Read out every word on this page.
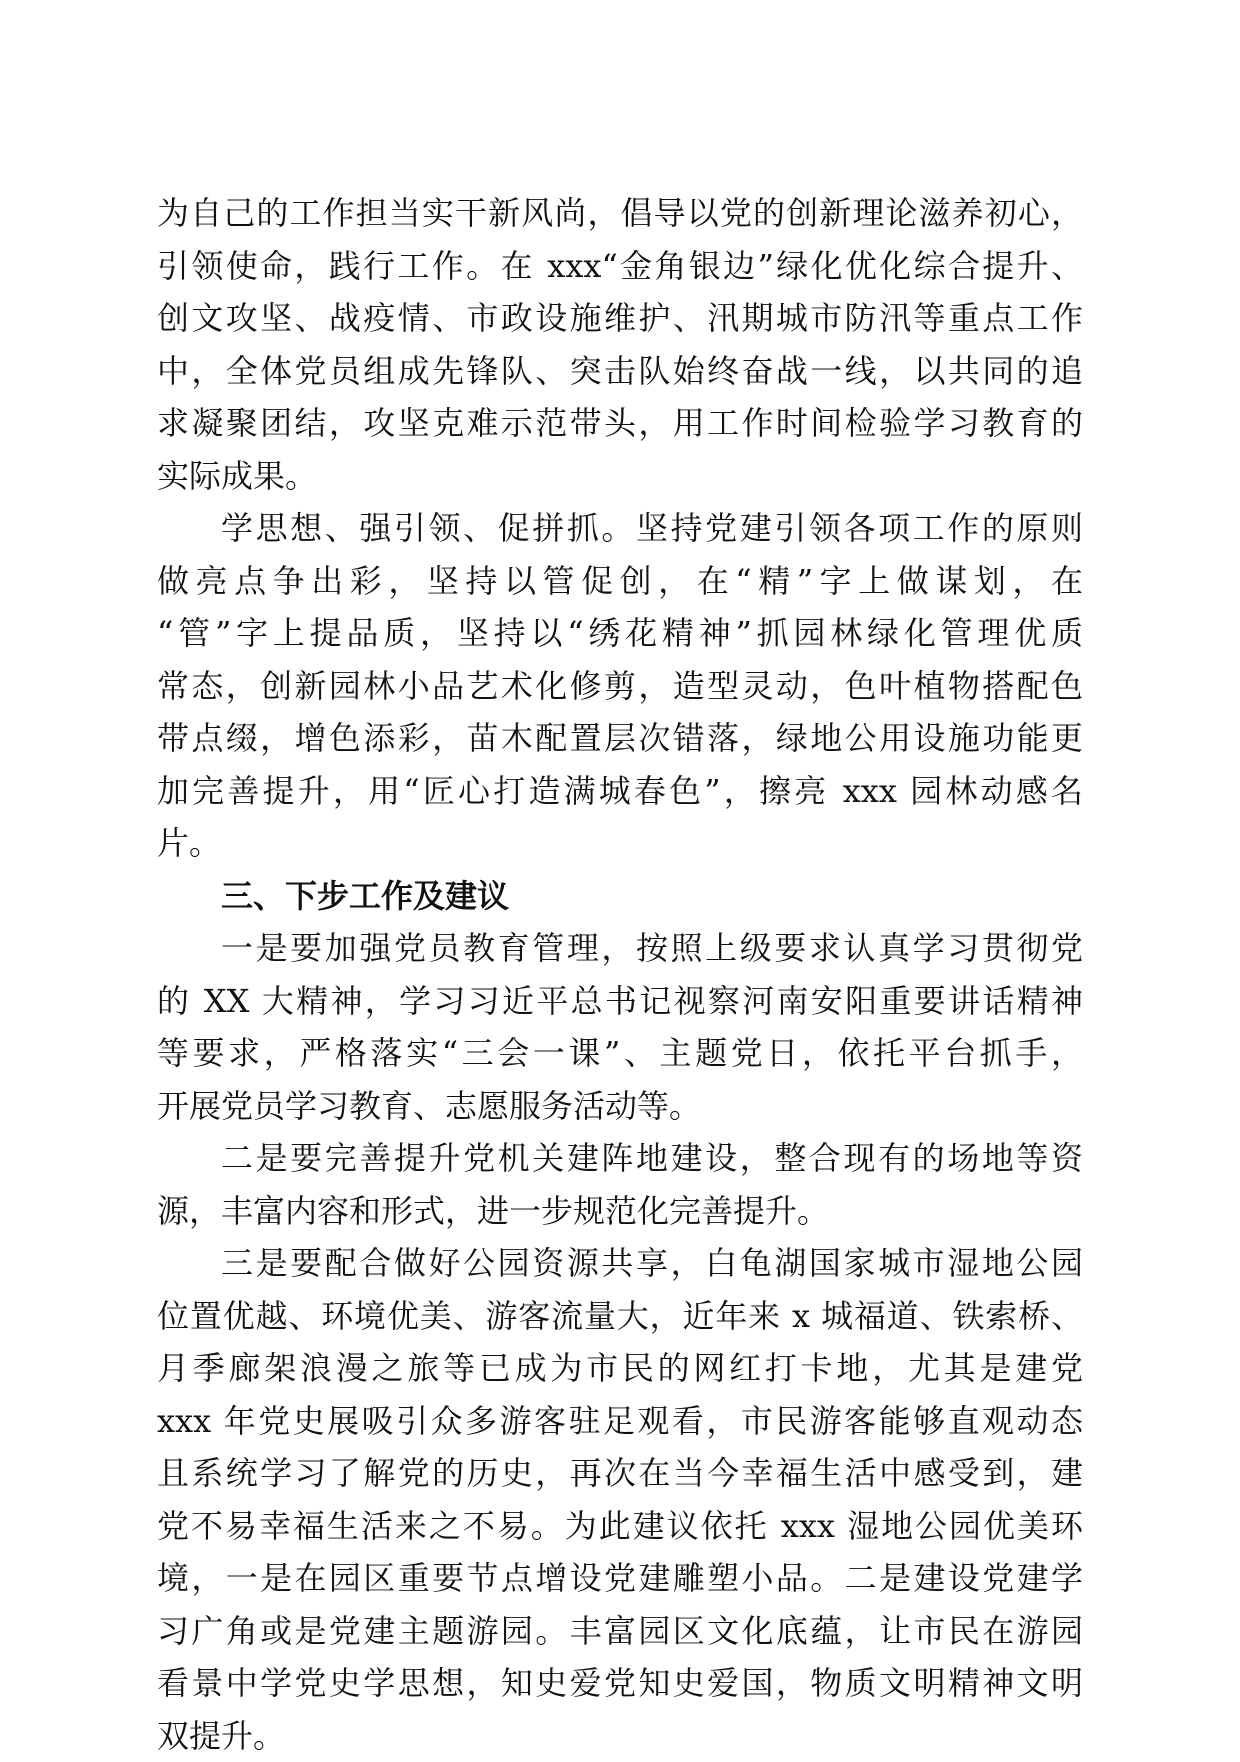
为自己的工作担当实干新风尚，倡导以党的创新理论滋养初心，
引领使命，践行工作。在 xxx“金角银边”绿化优化综合提升、
创文攻坚、战疫情、市政设施维护、汛期城市防汛等重点工作
中，全体党员组成先锋队、突击队始终奋战一线，以共同的追
求凝聚团结，攻坚克难示范带头，用工作时间检验学习教育的
实际成果。
学思想、强引领、促拼抓。坚持党建引领各项工作的原则
做亮点争出彩，坚持以管促创，在“精”字上做谋划，在
“管”字上提品质，坚持以“绣花精神”抓园林绿化管理优质
常态，创新园林小品艺术化修剪，造型灵动，色叶植物搭配色
带点缀，增色添彩，苗木配置层次错落，绿地公用设施功能更
加完善提升，用“匠心打造满城春色”，擦亮 xxx 园林动感名
片。
三、下步工作及建议
一是要加强党员教育管理，按照上级要求认真学习贯彻党
的 XX 大精神，学习习近平总书记视察河南安阳重要讲话精神
等要求，严格落实“三会一课”、主题党日，依托平台抓手，
开展党员学习教育、志愿服务活动等。
二是要完善提升党机关建阵地建设，整合现有的场地等资
源，丰富内容和形式，进一步规范化完善提升。
三是要配合做好公园资源共享，白龟湖国家城市湿地公园
位置优越、环境优美、游客流量大，近年来 x 城福道、铁索桥、
月季廊架浪漫之旅等已成为市民的网红打卡地，尤其是建党
xxx 年党史展吸引众多游客驻足观看，市民游客能够直观动态
且系统学习了解党的历史，再次在当今幸福生活中感受到，建
党不易幸福生活来之不易。为此建议依托 xxx 湿地公园优美环
境，一是在园区重要节点增设党建雕塑小品。二是建设党建学
习广角或是党建主题游园。丰富园区文化底蕴，让市民在游园
看景中学党史学思想，知史爱党知史爱国，物质文明精神文明
双提升。
